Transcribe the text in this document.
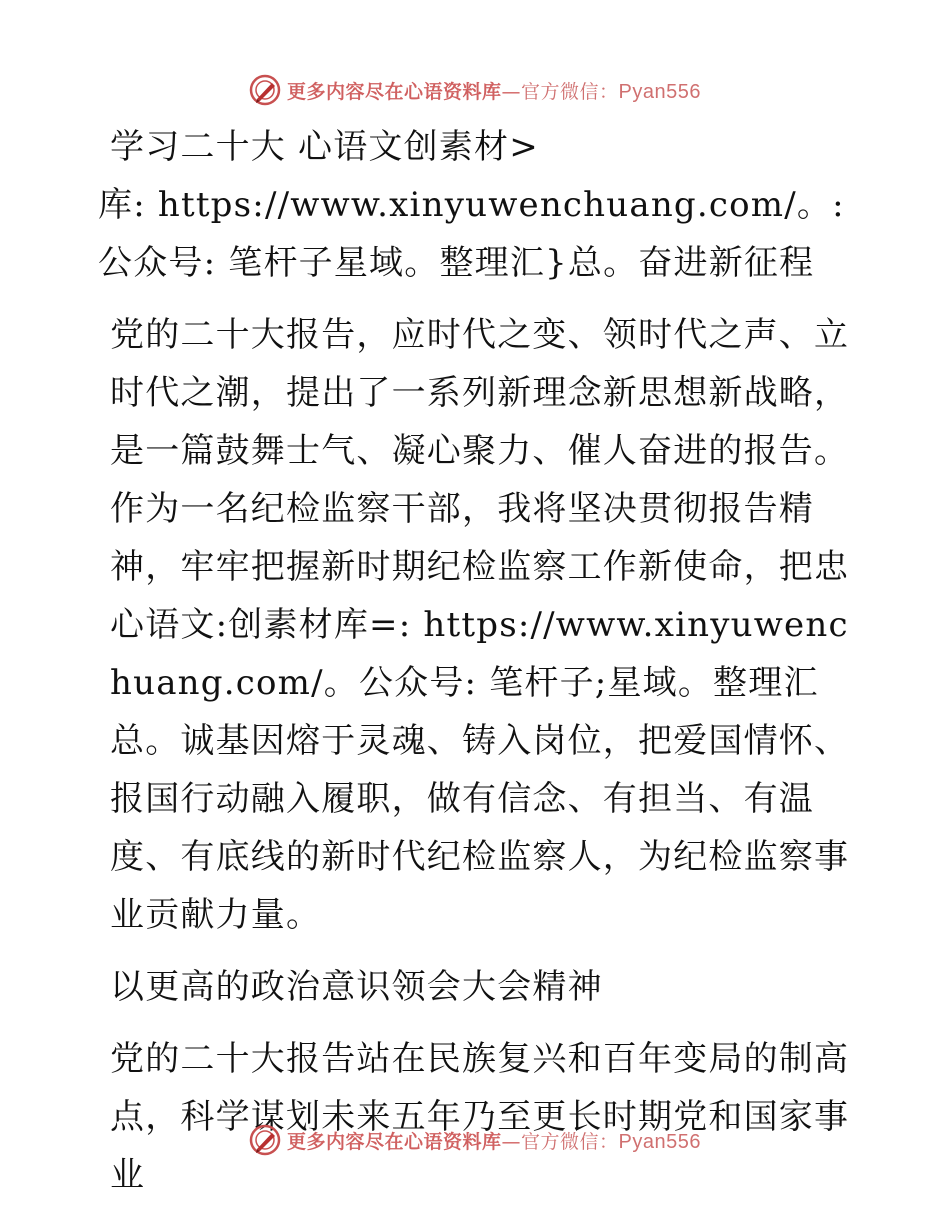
更多内容尽在心语资料库—官方微信：Pyan556

学习二十大 心语文创素材>

库: https://www.xinyuwenchuang.com/。:公众号: 笔杆子星域。整理汇}总。奋进新征程

党的二十大报告，应时代之变、领时代之声、立时代之潮，提出了一系列新理念新思想新战略，是一篇鼓舞士气、凝心聚力、催人奋进的报告。作为一名纪检监察干部，我将坚决贯彻报告精神，牢牢把握新时期纪检监察工作新使命，把忠心语文:创素材库=: https://www.xinyuwenchuang.com/。公众号: 笔杆子;星域。整理汇总。诚基因熔于灵魂、铸入岗位，把爱国情怀、报国行动融入履职，做有信念、有担当、有温度、有底线的新时代纪检监察人，为纪检监察事业贡献力量。

以更高的政治意识领会大会精神

党的二十大报告站在民族复兴和百年变局的制高点，科学谋划未来五年乃至更长时期党和国家事业

更多内容尽在心语资料库—官方微信：Pyan556
